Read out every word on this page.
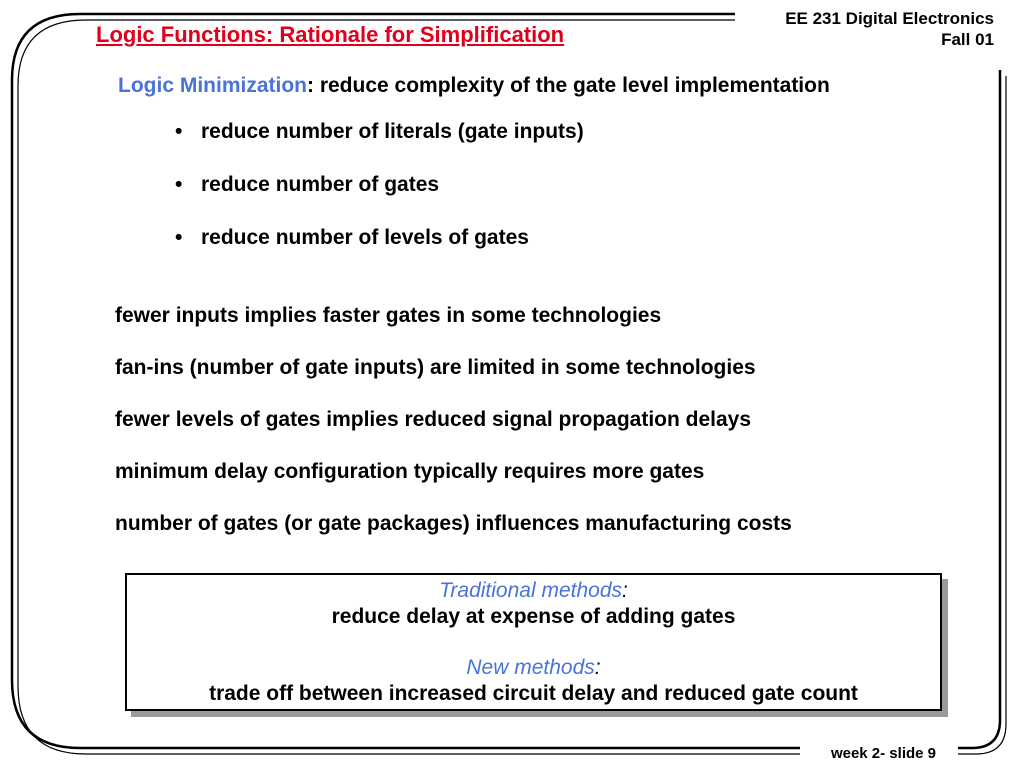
Logic Functions: Rationale for Simplification
EE 231 Digital Electronics
Fall 01
Logic Minimization: reduce complexity of the gate level implementation
• reduce number of literals (gate inputs)
• reduce number of gates
• reduce number of levels of gates
fewer inputs implies faster gates in some technologies
fan-ins (number of gate inputs) are limited in some technologies
fewer levels of gates implies reduced signal propagation delays
minimum delay configuration typically requires more gates
number of gates (or gate packages) influences manufacturing costs
Traditional methods:
reduce delay at expense of adding gates
New methods:
trade off between increased circuit delay and reduced gate count
week 2- slide 9
